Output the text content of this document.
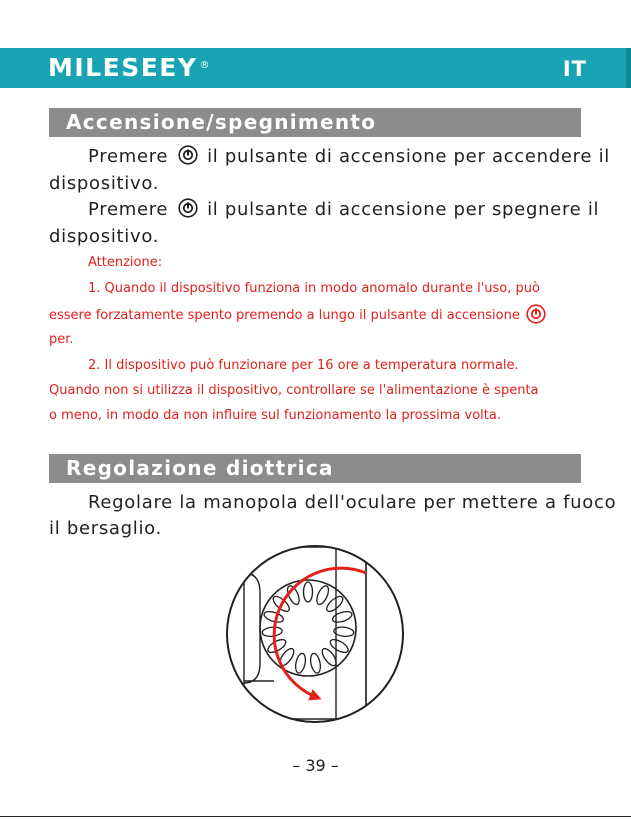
MILESEEY ®	IT
Accensione/spegnimento
Premere il pulsante di accensione per accendere il
dispositivo.
Premere il pulsante di accensione per spegnere il
dispositivo.
Attenzione:
1. Quando il dispositivo funziona in modo anomalo durante l'uso, può
essere forzatamente spento premendo a lungo il pulsante di accensione
per.
2. Il dispositivo può funzionare per 16 ore a temperatura normale.
Quando non si utilizza il dispositivo, controllare se l'alimentazione è spenta
o meno, in modo da non influire sul funzionamento la prossima volta.
Regolazione diottrica
Regolare la manopola dell'oculare per mettere a fuoco
il bersaglio.
– 39 –
